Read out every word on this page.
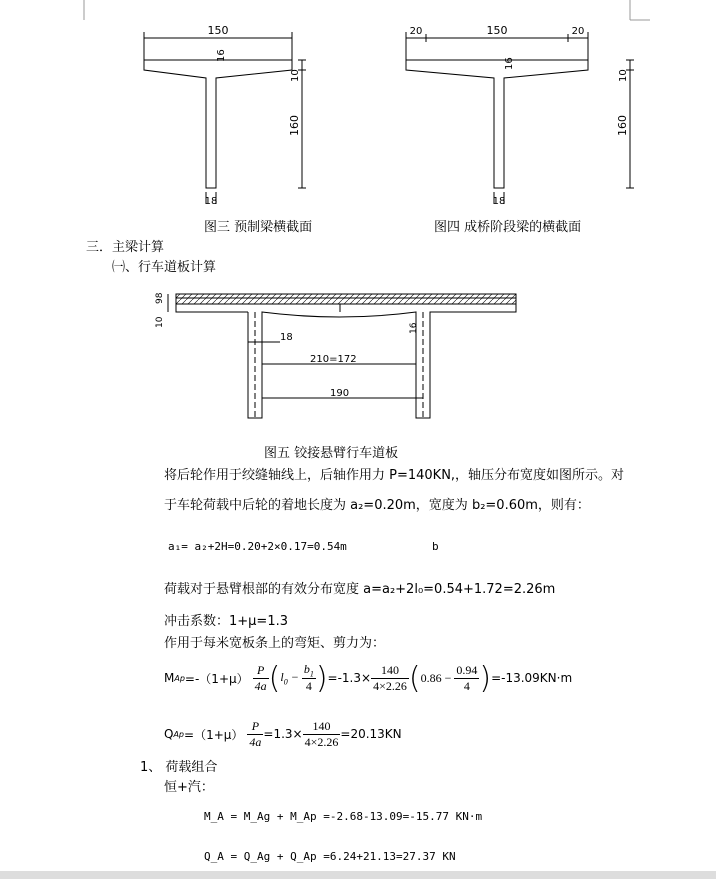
150
16
10
160
18
图三 预制梁横截面
20	150	20
16
10
160
18
图四 成桥阶段梁的横截面
三．主梁计算
㈠、行车道板计算
98
10
16
18
210=172
190
图五 铰接悬臂行车道板
将后轮作用于绞缝轴线上，后轴作用力 P=140KN,，轴压分布宽度如图所示。对
于车轮荷载中后轮的着地长度为 a₂=0.20m，宽度为 b₂=0.60m，则有：
a₁= a₂+2H=0.20+2×0.17=0.54m	b
荷载对于悬臂根部的有效分布宽度 a=a₂+2l₀=0.54+1.72=2.26m
冲击系数：1+μ=1.3
作用于每米宽板条上的弯矩、剪力为：
M $Ap =-(1+\mu) \frac{P}{4a}$ ( $l_0 - \frac{b_1}{4}$ ) $=-1.3\times \frac{140}{4\times 2.26}$ ( $0.86 - \frac{0.94}{4}$ ) =-13.09KN·m
Q $Ap =(1+\mu) \frac{P}{4a} =1.3\times \frac{140}{4\times 2.26} =20.13KN$
1、 荷载组合
恒+汽：
M_A = M_Ag + M_Ap =-2.68-13.09=-15.77 KN·m
Q_A = Q_Ag + Q_Ap =6.24+21.13=27.37 KN
